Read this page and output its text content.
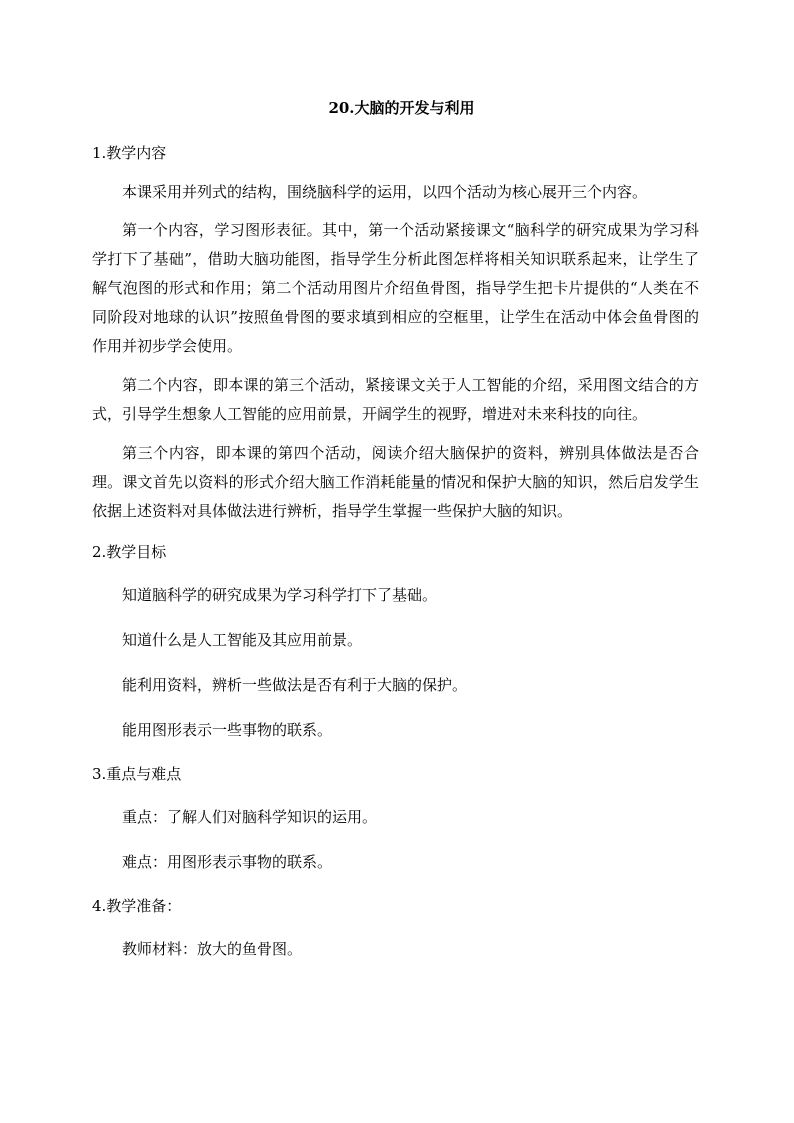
20.大脑的开发与利用

1.教学内容

本课采用并列式的结构，围绕脑科学的运用，以四个活动为核心展开三个内容。

第一个内容，学习图形表征。其中，第一个活动紧接课文“脑科学的研究成果为学习科学打下了基础”，借助大脑功能图，指导学生分析此图怎样将相关知识联系起来，让学生了解气泡图的形式和作用；第二个活动用图片介绍鱼骨图，指导学生把卡片提供的“人类在不同阶段对地球的认识”按照鱼骨图的要求填到相应的空框里，让学生在活动中体会鱼骨图的作用并初步学会使用。

第二个内容，即本课的第三个活动，紧接课文关于人工智能的介绍，采用图文结合的方式，引导学生想象人工智能的应用前景，开阔学生的视野，增进对未来科技的向往。

第三个内容，即本课的第四个活动，阅读介绍大脑保护的资料，辨别具体做法是否合理。课文首先以资料的形式介绍大脑工作消耗能量的情况和保护大脑的知识，然后启发学生依据上述资料对具体做法进行辨析，指导学生掌握一些保护大脑的知识。

2.教学目标

知道脑科学的研究成果为学习科学打下了基础。

知道什么是人工智能及其应用前景。

能利用资料，辨析一些做法是否有利于大脑的保护。

能用图形表示一些事物的联系。

3.重点与难点

重点：了解人们对脑科学知识的运用。

难点：用图形表示事物的联系。

4.教学准备：

教师材料：放大的鱼骨图。
